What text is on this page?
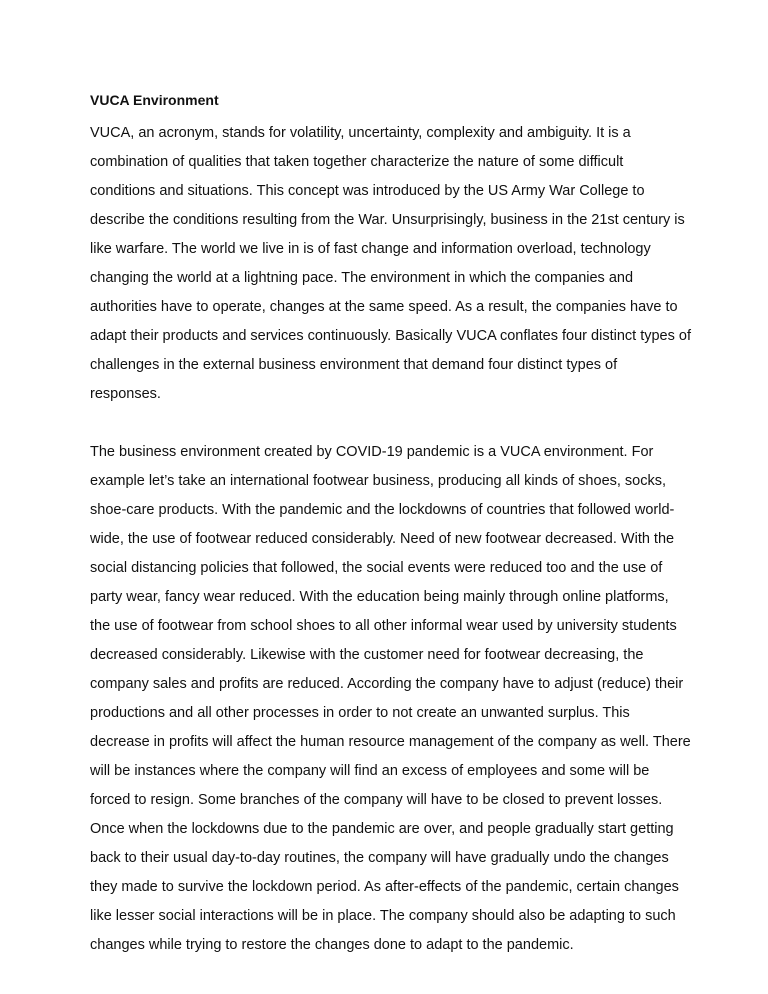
VUCA Environment

VUCA, an acronym, stands for volatility, uncertainty, complexity and ambiguity. It is a combination of qualities that taken together characterize the nature of some difficult conditions and situations. This concept was introduced by the US Army War College to describe the conditions resulting from the War. Unsurprisingly, business in the 21st century is like warfare. The world we live in is of fast change and information overload, technology changing the world at a lightning pace. The environment in which the companies and authorities have to operate, changes at the same speed. As a result, the companies have to adapt their products and services continuously. Basically VUCA conflates four distinct types of challenges in the external business environment that demand four distinct types of responses.

The business environment created by COVID-19 pandemic is a VUCA environment. For example let’s take an international footwear business, producing all kinds of shoes, socks, shoe-care products. With the pandemic and the lockdowns of countries that followed world-wide, the use of footwear reduced considerably. Need of new footwear decreased. With the social distancing policies that followed, the social events were reduced too and the use of party wear, fancy wear reduced. With the education being mainly through online platforms, the use of footwear from school shoes to all other informal wear used by university students decreased considerably. Likewise with the customer need for footwear decreasing, the company sales and profits are reduced. According the company have to adjust (reduce) their productions and all other processes in order to not create an unwanted surplus. This decrease in profits will affect the human resource management of the company as well. There will be instances where the company will find an excess of employees and some will be forced to resign. Some branches of the company will have to be closed to prevent losses.

Once when the lockdowns due to the pandemic are over, and people gradually start getting back to their usual day-to-day routines, the company will have gradually undo the changes they made to survive the lockdown period. As after-effects of the pandemic, certain changes like lesser social interactions will be in place. The company should also be adapting to such changes while trying to restore the changes done to adapt to the pandemic.
